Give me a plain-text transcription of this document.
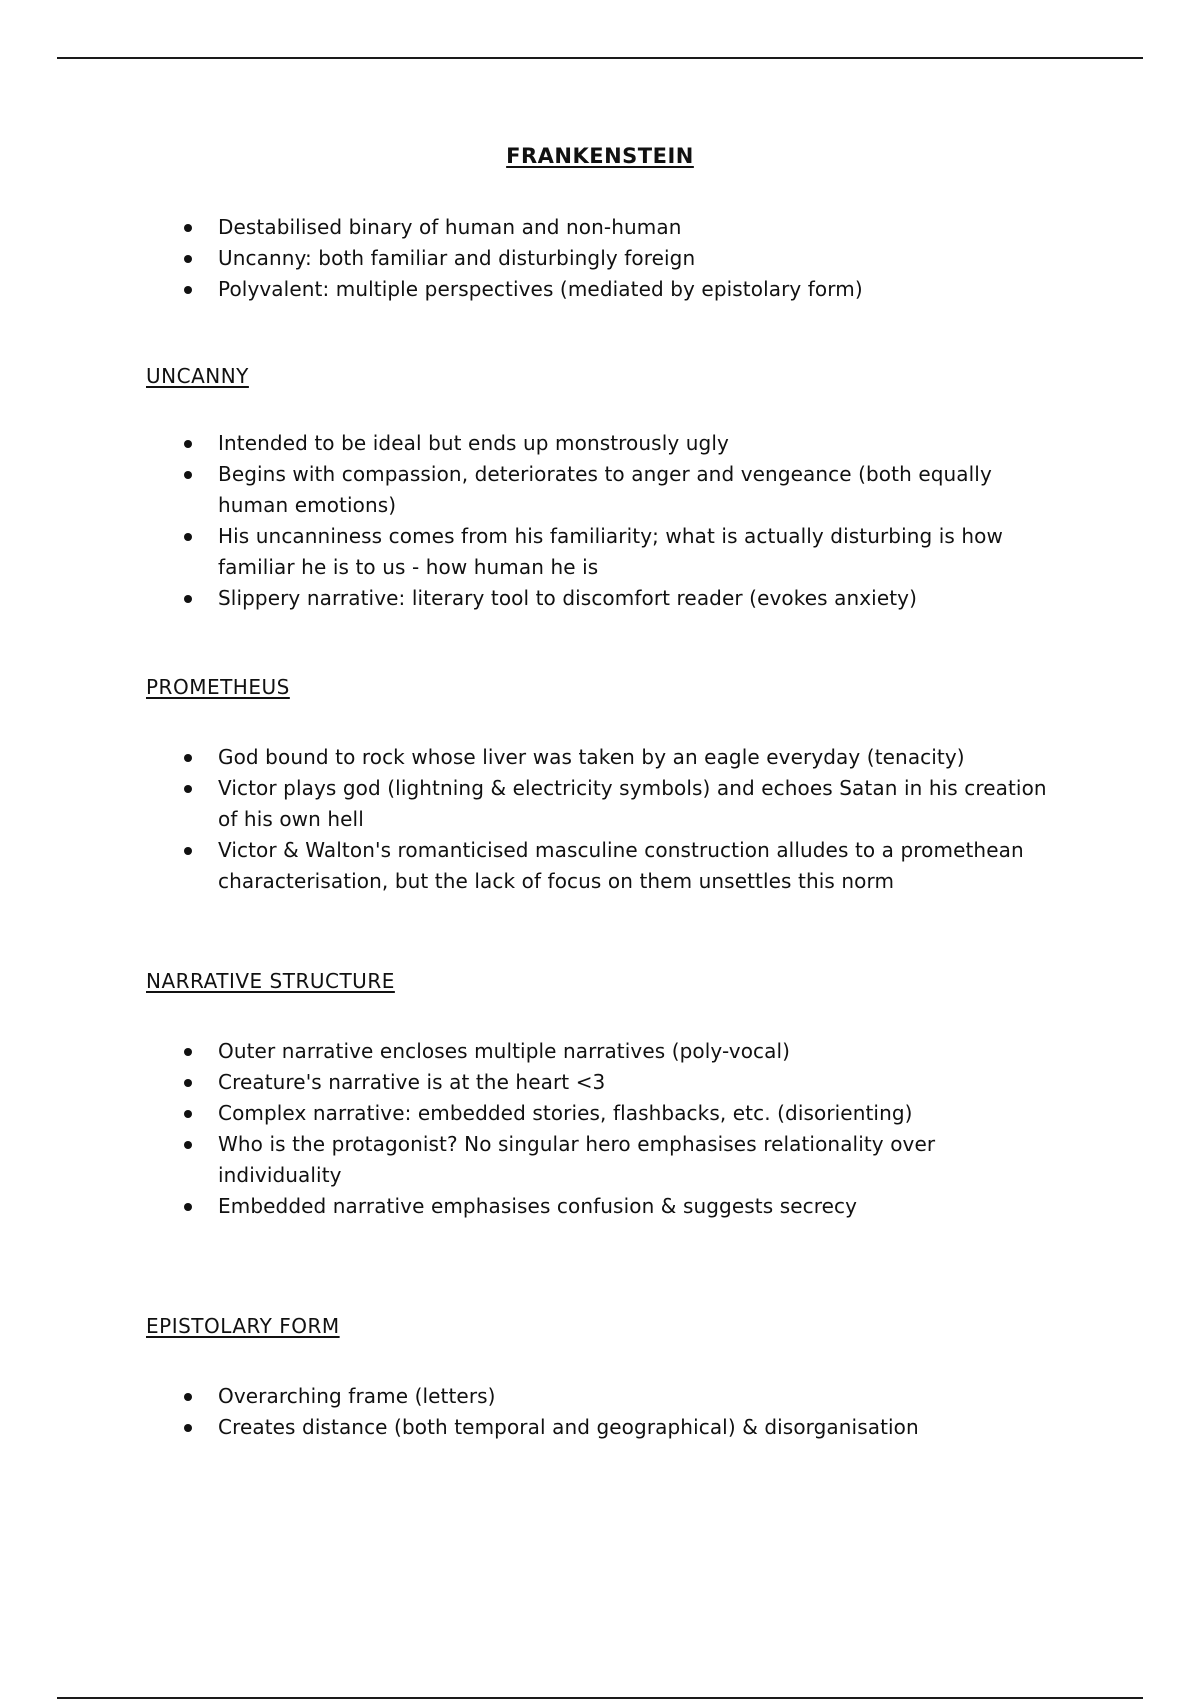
FRANKENSTEIN
Destabilised binary of human and non-human
Uncanny: both familiar and disturbingly foreign
Polyvalent: multiple perspectives (mediated by epistolary form)
UNCANNY
Intended to be ideal but ends up monstrously ugly
Begins with compassion, deteriorates to anger and vengeance (both equally human emotions)
His uncanniness comes from his familiarity; what is actually disturbing is how familiar he is to us - how human he is
Slippery narrative: literary tool to discomfort reader (evokes anxiety)
PROMETHEUS
God bound to rock whose liver was taken by an eagle everyday (tenacity)
Victor plays god (lightning & electricity symbols) and echoes Satan in his creation of his own hell
Victor & Walton's romanticised masculine construction alludes to a promethean characterisation, but the lack of focus on them unsettles this norm
NARRATIVE STRUCTURE
Outer narrative encloses multiple narratives (poly-vocal)
Creature's narrative is at the heart <3
Complex narrative: embedded stories, flashbacks, etc. (disorienting)
Who is the protagonist? No singular hero emphasises relationality over individuality
Embedded narrative emphasises confusion & suggests secrecy
EPISTOLARY FORM
Overarching frame (letters)
Creates distance (both temporal and geographical) & disorganisation
